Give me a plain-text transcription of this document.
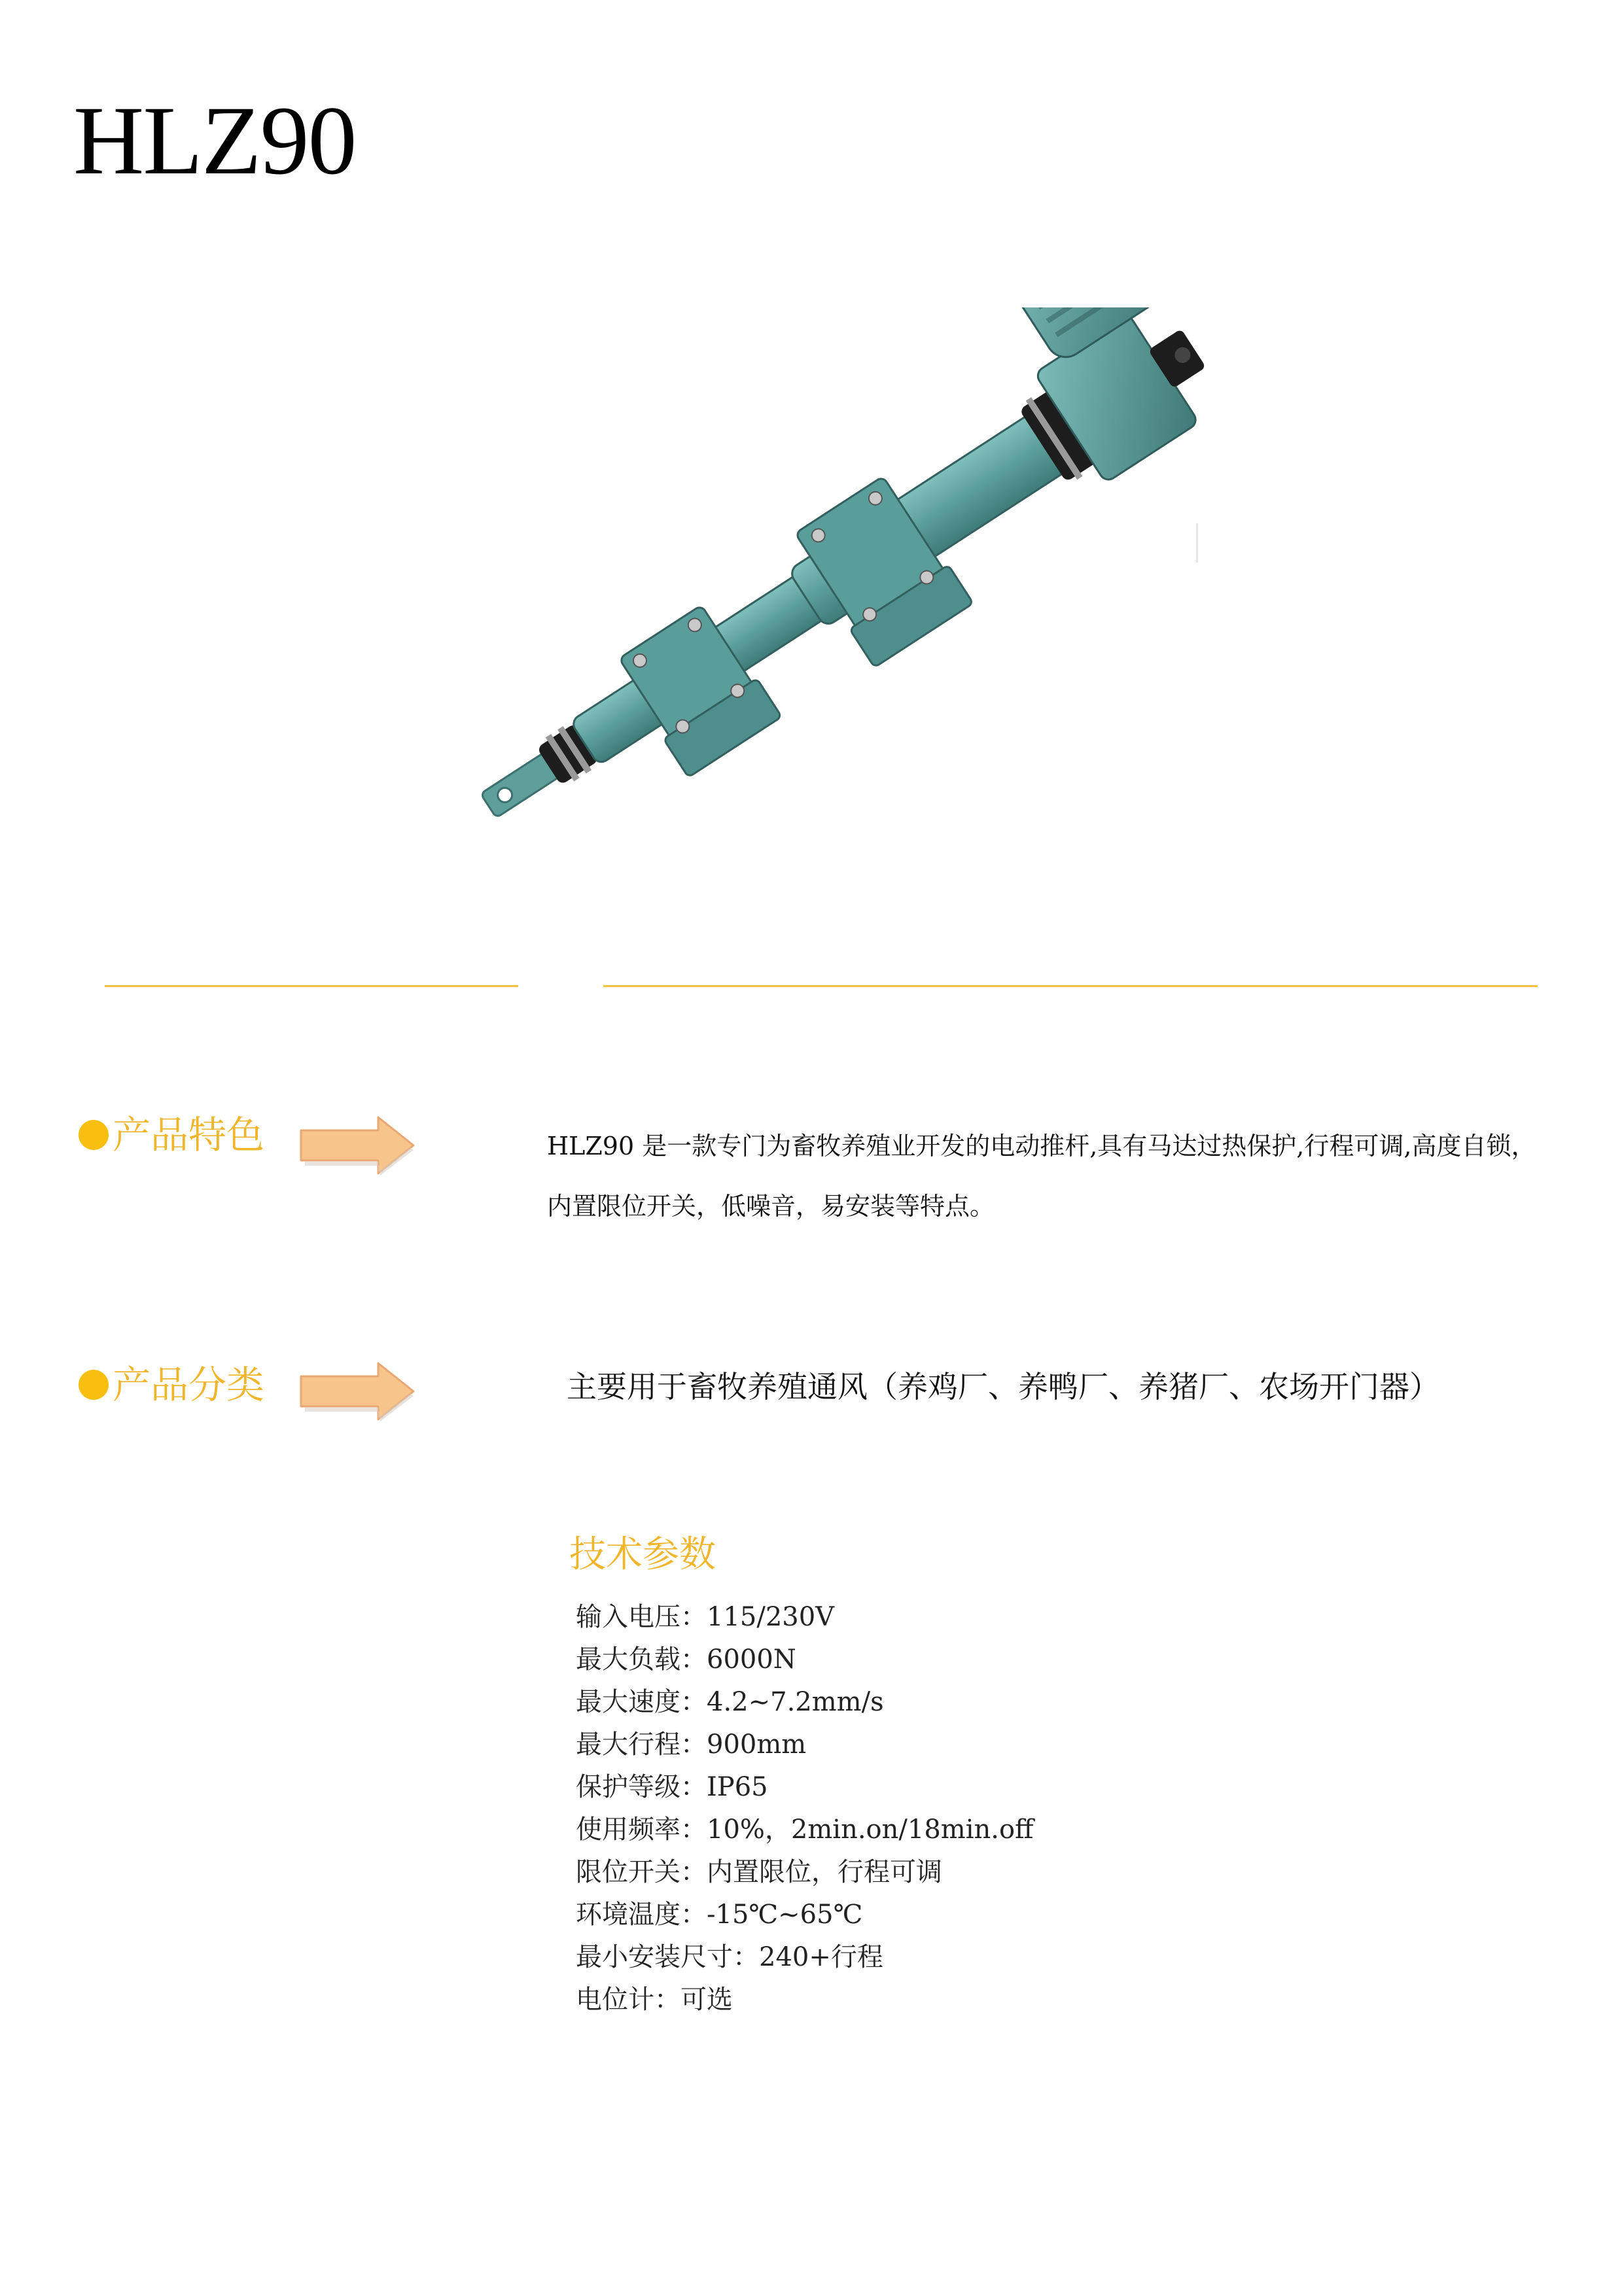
HLZ90
产品特色	HLZ90 是一款专门为畜牧养殖业开发的电动推杆,具有马达过热保护,行程可调,高度自锁，内置限位开关，低噪音，易安装等特点。
产品分类	主要用于畜牧养殖通风（养鸡厂、养鸭厂、养猪厂、农场开门器）
技术参数
输入电压：115/230V
最大负载：6000N
最大速度：4.2~7.2mm/s
最大行程：900mm
保护等级：IP65
使用频率：10%，2min.on/18min.off
限位开关：内置限位，行程可调
环境温度：-15℃~65℃
最小安装尺寸：240+行程
电位计：可选
